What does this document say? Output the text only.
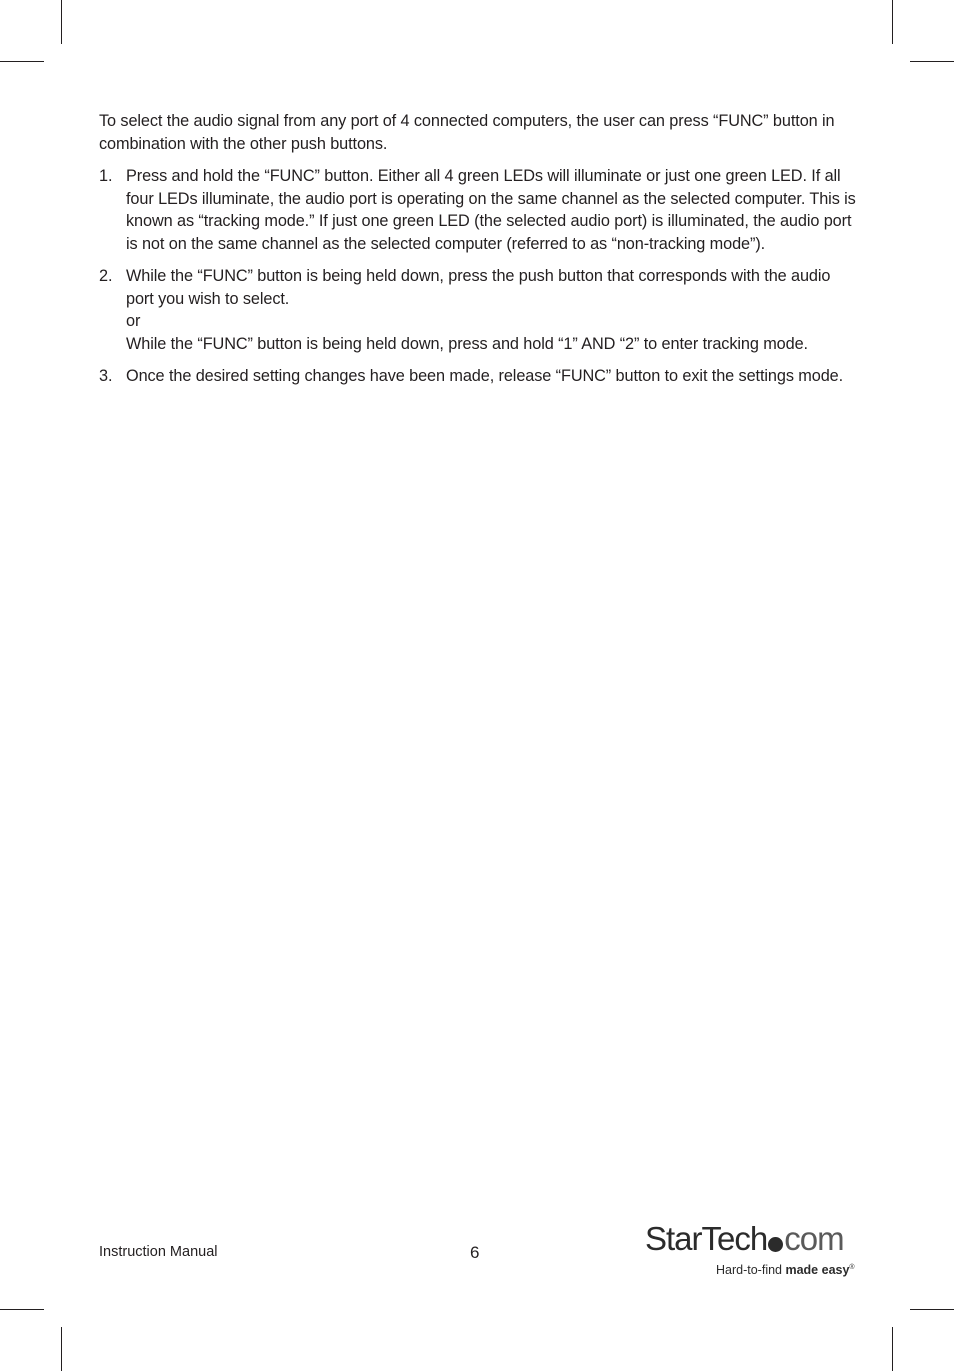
To select the audio signal from any port of 4 connected computers, the user can press “FUNC” button in combination with the other push buttons.

1. Press and hold the “FUNC” button. Either all 4 green LEDs will illuminate or just one green LED. If all four LEDs illuminate, the audio port is operating on the same channel as the selected computer. This is known as “tracking mode.” If just one green LED (the selected audio port) is illuminated, the audio port is not on the same channel as the selected computer (referred to as “non-tracking mode”).

2. While the “FUNC” button is being held down, press the push button that corresponds with the audio port you wish to select.

or

While the “FUNC” button is being held down, press and hold “1” AND “2” to enter tracking mode.

3. Once the desired setting changes have been made, release “FUNC” button to exit the settings mode.

Instruction Manual	6	StarTech com
Hard-to-find made easy®
